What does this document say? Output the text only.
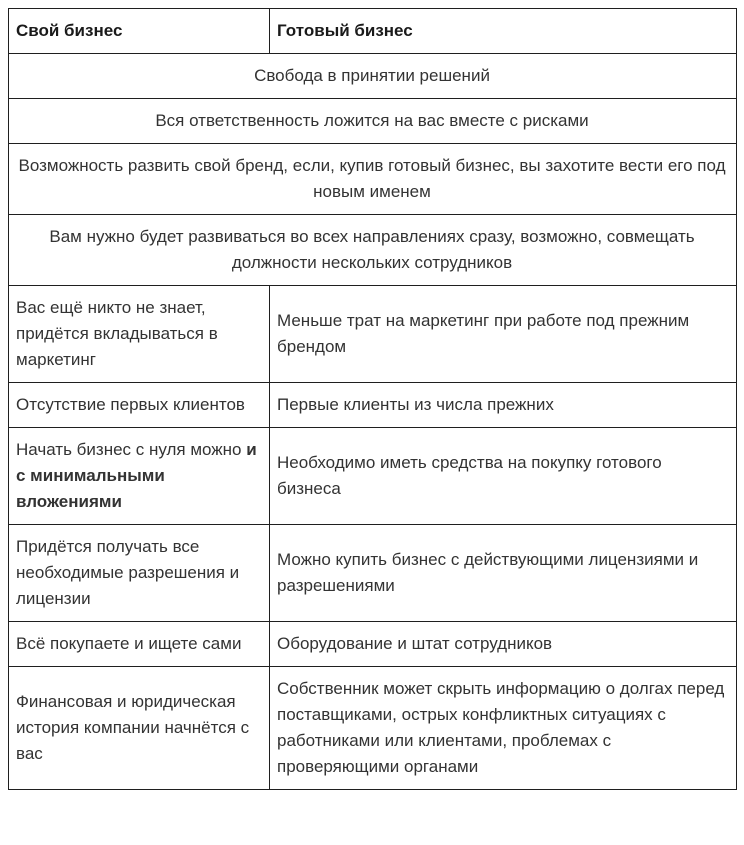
Свой бизнес	Готовый бизнес
Свобода в принятии решений	
Вся ответственность ложится на вас вместе с рисками	
Возможность развить свой бренд, если, купив готовый бизнес, вы захотите вести его под новым именем	
Вам нужно будет развиваться во всех направлениях сразу, возможно, совмещать должности нескольких сотрудников	
Вас ещё никто не знает, придётся вкладываться в маркетинг	Меньше трат на маркетинг при работе под прежним брендом
Отсутствие первых клиентов	Первые клиенты из числа прежних
Начать бизнес с нуля можно и с минимальными вложениями	Необходимо иметь средства на покупку готового бизнеса
Придётся получать все необходимые разрешения и лицензии	Можно купить бизнес с действующими лицензиями и разрешениями
Всё покупаете и ищете сами	Оборудование и штат сотрудников
Финансовая и юридическая история компании начнётся с вас	Собственник может скрыть информацию о долгах перед поставщиками, острых конфликтных ситуациях с работниками или клиентами, проблемах с проверяющими органами
